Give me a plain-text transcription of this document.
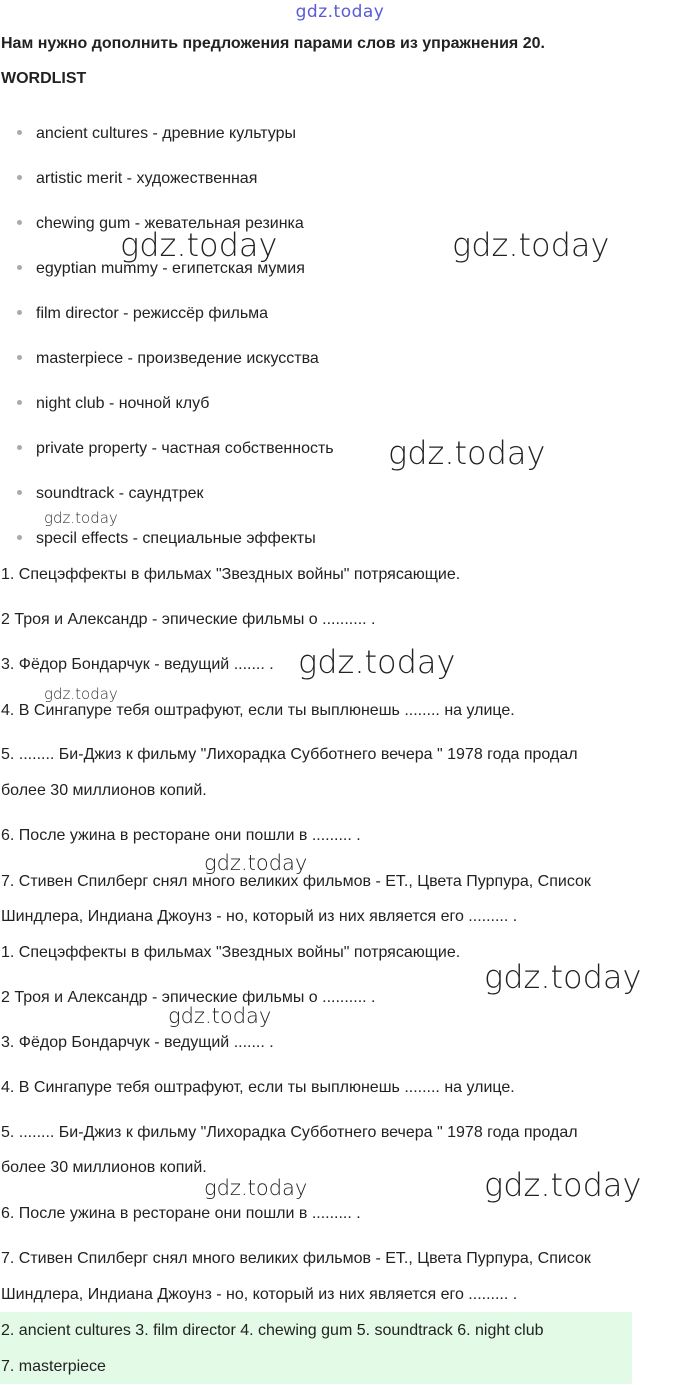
gdz.today
Нам нужно дополнить предложения парами слов из упражнения 20.
WORDLIST
ancient cultures - древние культуры
artistic merit - художественная
chewing gum - жевательная резинка
egyptian mummy - египетская мумия
film director - режиссёр фильма
masterpiece - произведение искусства
night club - ночной клуб
private property - частная собственность
soundtrack - саундтрек
specil effects - специальные эффекты
1. Спецэффекты в фильмах "Звездных войны" потрясающие.
2 Троя и Александр - эпические фильмы о .......... .
3. Фёдор Бондарчук - ведущий ....... .
4. В Сингапуре тебя оштрафуют, если ты выплюнешь ........ на улице.
5. ........ Би-Джиз к фильму "Лихорадка Субботнего вечера " 1978 года продал
более 30 миллионов копий.
6. После ужина в ресторане они пошли в ......... .
7. Стивен Спилберг снял много великих фильмов - ЕТ., Цвета Пурпура, Список
Шиндлера, Индиана Джоунз - но, который из них является его ......... .
1. Спецэффекты в фильмах "Звездных войны" потрясающие.
2 Троя и Александр - эпические фильмы о .......... .
3. Фёдор Бондарчук - ведущий ....... .
4. В Сингапуре тебя оштрафуют, если ты выплюнешь ........ на улице.
5. ........ Би-Джиз к фильму "Лихорадка Субботнего вечера " 1978 года продал
более 30 миллионов копий.
6. После ужина в ресторане они пошли в ......... .
7. Стивен Спилберг снял много великих фильмов - ЕТ., Цвета Пурпура, Список
Шиндлера, Индиана Джоунз - но, который из них является его ......... .
2. ancient cultures 3. film director 4. chewing gum 5. soundtrack 6. night club
7. masterpiece
gdz.today	gdz.today
gdz.today
gdz.today
gdz.today
gdz.today
gdz.today
gdz.today
gdz.today
gdz.today	gdz.today
